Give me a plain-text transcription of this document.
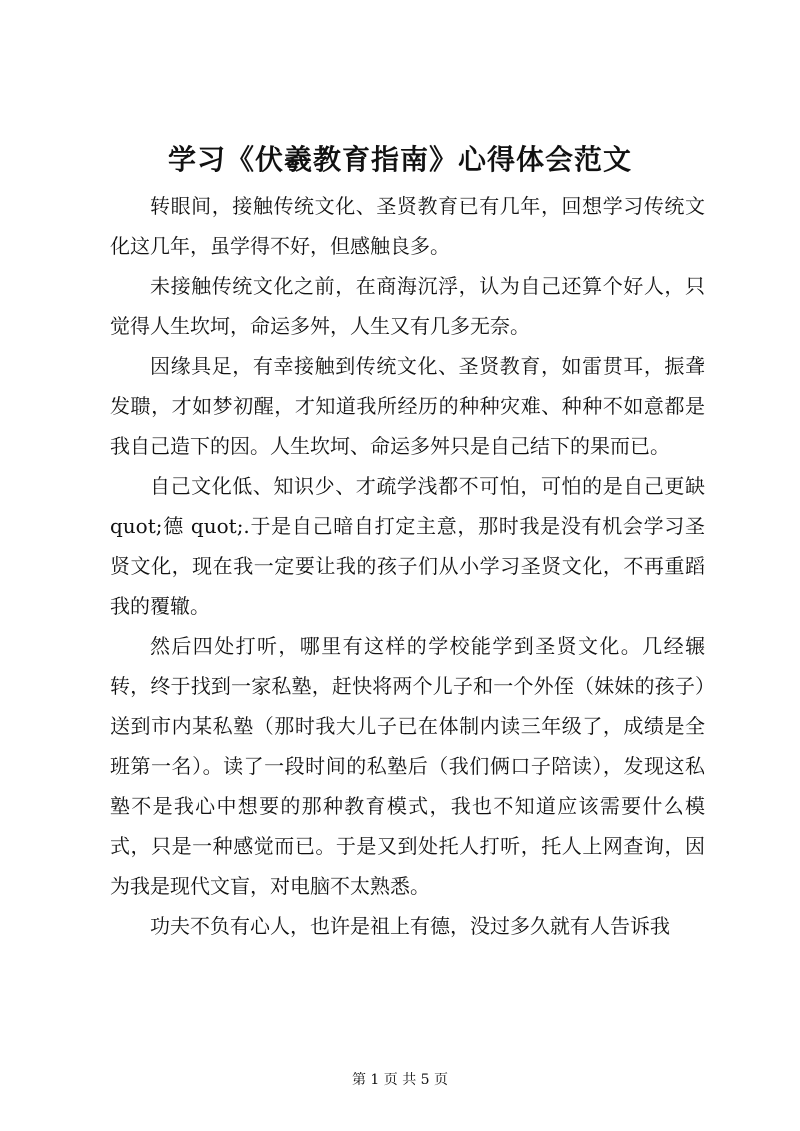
学习《伏羲教育指南》心得体会范文

转眼间，接触传统文化、圣贤教育已有几年，回想学习传统文化这几年，虽学得不好，但感触良多。

未接触传统文化之前，在商海沉浮，认为自己还算个好人，只觉得人生坎坷，命运多舛，人生又有几多无奈。

因缘具足，有幸接触到传统文化、圣贤教育，如雷贯耳，振聋发聩，才如梦初醒，才知道我所经历的种种灾难、种种不如意都是我自己造下的因。人生坎坷、命运多舛只是自己结下的果而已。

自己文化低、知识少、才疏学浅都不可怕，可怕的是自己更缺 quot;德 quot;.于是自己暗自打定主意，那时我是没有机会学习圣贤文化，现在我一定要让我的孩子们从小学习圣贤文化，不再重蹈我的覆辙。

然后四处打听，哪里有这样的学校能学到圣贤文化。几经辗转，终于找到一家私塾，赶快将两个儿子和一个外侄（妹妹的孩子）送到市内某私塾（那时我大儿子已在体制内读三年级了，成绩是全班第一名）。读了一段时间的私塾后（我们俩口子陪读），发现这私塾不是我心中想要的那种教育模式，我也不知道应该需要什么模式，只是一种感觉而已。于是又到处托人打听，托人上网查询，因为我是现代文盲，对电脑不太熟悉。

功夫不负有心人，也许是祖上有德，没过多久就有人告诉我

第 1 页 共 5 页
